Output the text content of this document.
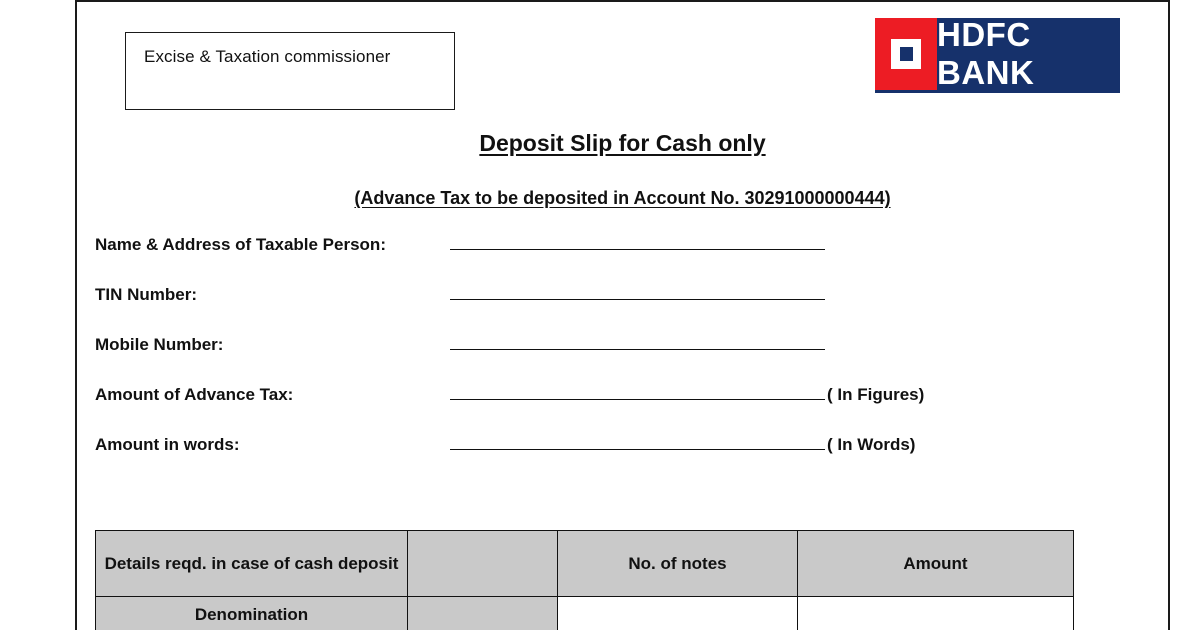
Excise & Taxation commissioner
HDFC BANK
Deposit Slip for Cash only
(Advance Tax to be deposited in Account No. 30291000000444)
Name & Address of Taxable Person:
TIN Number:
Mobile Number:
Amount of Advance Tax:	( In Figures)
Amount in words:	( In Words)
Details reqd. in case of cash deposit		No. of notes	Amount
Denomination			
